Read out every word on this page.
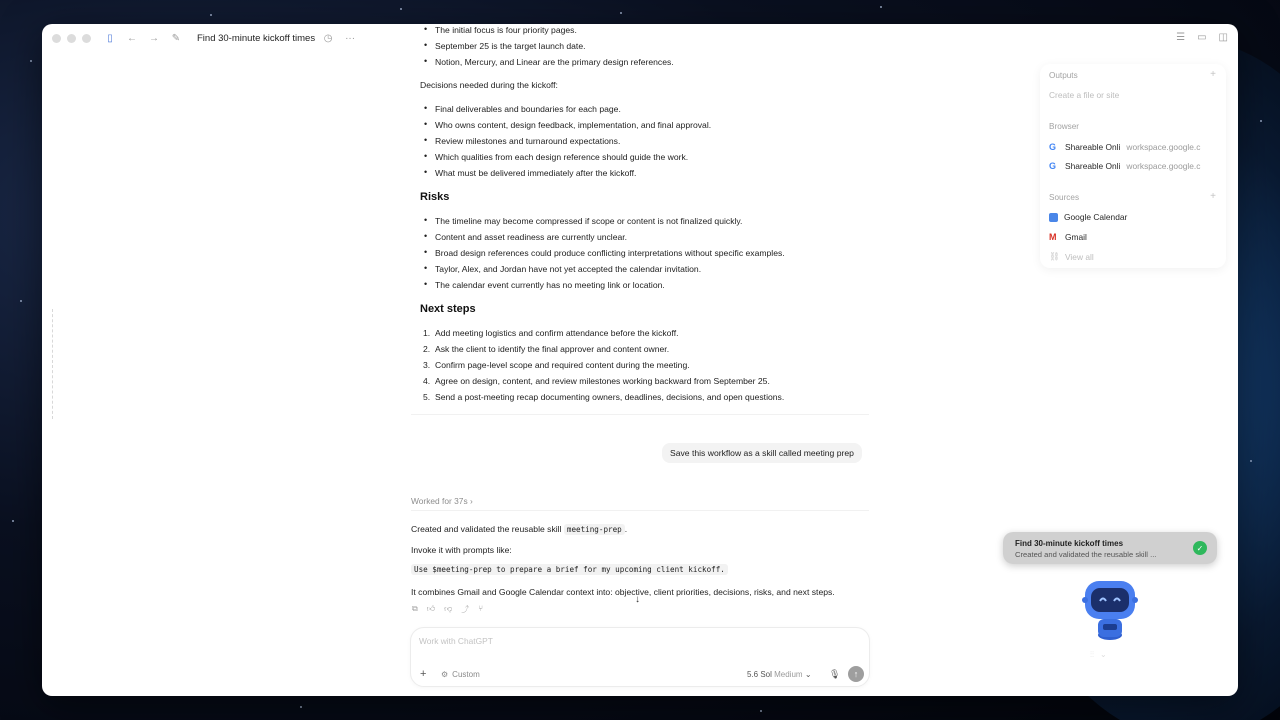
▯ ← → ✎ Find 30-minute kickoff times ◷ ···	☰ ▭ ◫
• The initial focus is four priority pages.
• September 25 is the target launch date.
• Notion, Mercury, and Linear are the primary design references.
Decisions needed during the kickoff:
• Final deliverables and boundaries for each page.
• Who owns content, design feedback, implementation, and final approval.
• Review milestones and turnaround expectations.
• Which qualities from each design reference should guide the work.
• What must be delivered immediately after the kickoff.
Risks
• The timeline may become compressed if scope or content is not finalized quickly.
• Content and asset readiness are currently unclear.
• Broad design references could produce conflicting interpretations without specific examples.
• Taylor, Alex, and Jordan have not yet accepted the calendar invitation.
• The calendar event currently has no meeting link or location.
Next steps
1. Add meeting logistics and confirm attendance before the kickoff.
2. Ask the client to identify the final approver and content owner.
3. Confirm page-level scope and required content during the meeting.
4. Agree on design, content, and review milestones working backward from September 25.
5. Send a post-meeting recap documenting owners, deadlines, decisions, and open questions.
Save this workflow as a skill called meeting prep
Worked for 37s ›
Created and validated the reusable skill meeting-prep .
Invoke it with prompts like:
Use $meeting-prep to prepare a brief for my upcoming client kickoff.
It combines Gmail and Google Calendar context into: objective, client priorities, decisions, risks, and next steps.
⧉ 👍︎ 👎︎ ⤴ ⑂
↓
Work with ChatGPT
+ ⚙ Custom	5.6 Sol Medium ⌄ 🎙︎	↑
Outputs	+
Create a file or site
Browser
G	Shareable Onli workspace.google.c
G	Shareable Onli workspace.google.c
Sources	+
Google Calendar
M Gmail
⛓ View all
Find 30-minute kickoff times
Created and validated the reusable skill ...
✓
⫶⫶ ⌄
